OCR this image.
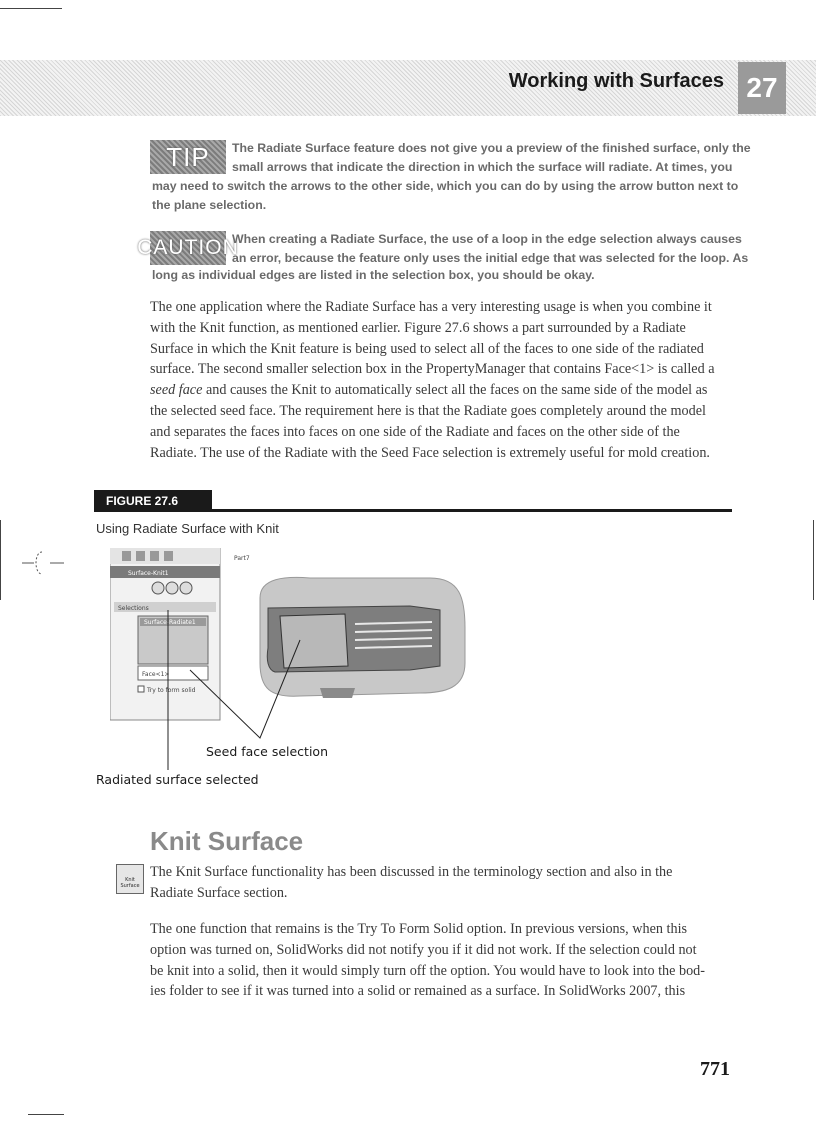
Working with Surfaces 27
TIP	The Radiate Surface feature does not give you a preview of the finished surface, only the
small arrows that indicate the direction in which the surface will radiate. At times, you
may need to switch the arrows to the other side, which you can do by using the arrow button next to
the plane selection.
CAUTION
When creating a Radiate Surface, the use of a loop in the edge selection always causes
an error, because the feature only uses the initial edge that was selected for the loop. As
long as individual edges are listed in the selection box, you should be okay.
The one application where the Radiate Surface has a very interesting usage is when you combine it
with the Knit function, as mentioned earlier. Figure 27.6 shows a part surrounded by a Radiate
Surface in which the Knit feature is being used to select all of the faces to one side of the radiated
surface. The second smaller selection box in the PropertyManager that contains Face<1> is called a
seed face and causes the Knit to automatically select all the faces on the same side of the model as
the selected seed face. The requirement here is that the Radiate goes completely around the model
and separates the faces into faces on one side of the Radiate and faces on the other side of the
Radiate. The use of the Radiate with the Seed Face selection is extremely useful for mold creation.
FIGURE 27.6
Using Radiate Surface with Knit
Surface-Knit1
Selections
Surface-Radiate1
Face<1>
Try to form solid
Part7
Seed face selection
Radiated surface selected
Knit Surface
Knit
Surface
The Knit Surface functionality has been discussed in the terminology section and also in the
Radiate Surface section.
The one function that remains is the Try To Form Solid option. In previous versions, when this
option was turned on, SolidWorks did not notify you if it did not work. If the selection could not
be knit into a solid, then it would simply turn off the option. You would have to look into the bod-
ies folder to see if it was turned into a solid or remained as a surface. In SolidWorks 2007, this
771
